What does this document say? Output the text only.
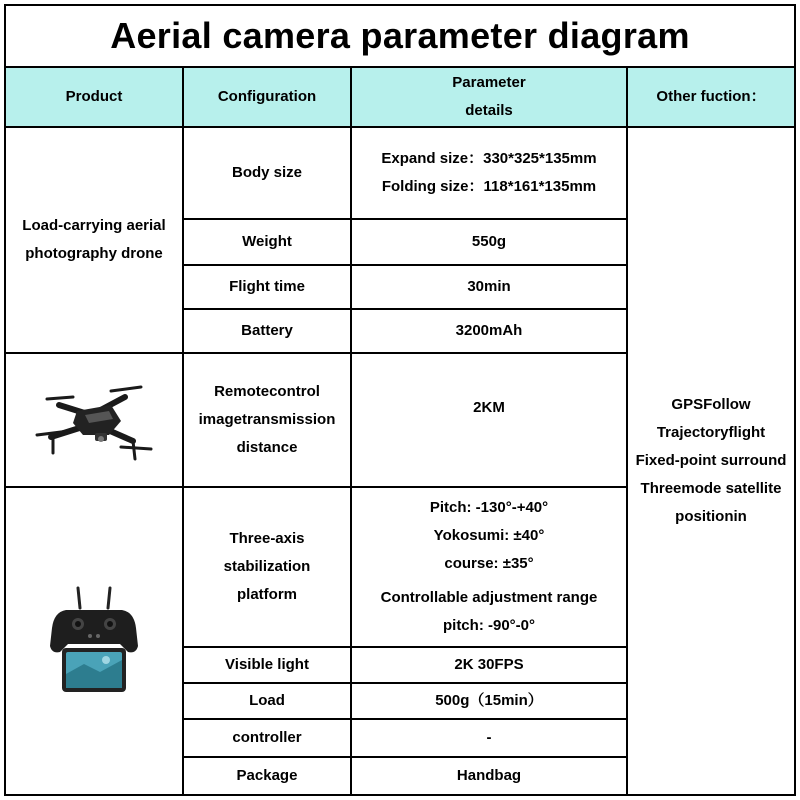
Aerial camera parameter diagram
Product	Configuration
Parameter
details
Other fuction：
Load-carrying aerial
photography drone
Body size
Weight
Flight time
Battery
Remotecontrol
imagetransmission
distance
Three-axis
stabilization
platform
Visible light
Load
controller
Package
Expand size：330*325*135mm
Folding size：118*161*135mm
550g
30min
3200mAh
2KM
Pitch: -130°-+40°
Yokosumi: ±40°
course: ±35°
Controllable adjustment range
pitch: -90°-0°
2K 30FPS
500g（15min）
-
Handbag
GPSFollow
Trajectoryflight
Fixed-point surround
Threemode satellite
positionin
